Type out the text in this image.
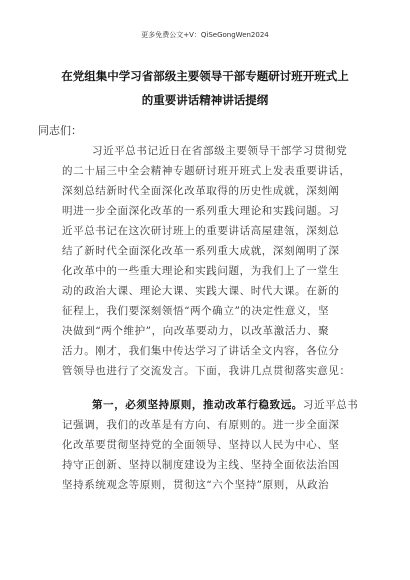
更多免费公文+V：QiSeGongWen2024
在党组集中学习省部级主要领导干部专题研讨班开班式上
的重要讲话精神讲话提纲
同志们：
习近平总书记近日在省部级主要领导干部学习贯彻党
的二十届三中全会精神专题研讨班开班式上发表重要讲话，
深刻总结新时代全面深化改革取得的历史性成就，深刻阐
明进一步全面深化改革的一系列重大理论和实践问题。习
近平总书记在这次研讨班上的重要讲话高屋建瓴，深刻总
结了新时代全面深化改革一系列重大成就，深刻阐明了深
化改革中的一些重大理论和实践问题，为我们上了一堂生
动的政治大课、理论大课、实践大课、时代大课。在新的
征程上，我们要深刻领悟“两个确立”的决定性意义，坚
决做到“两个维护”，向改革要动力，以改革激活力、聚
活力。刚才，我们集中传达学习了讲话全文内容，各位分
管领导也进行了交流发言。下面，我讲几点贯彻落实意见：
第一，必须坚持原则，推动改革行稳致远。习近平总书
记强调，我们的改革是有方向、有原则的。进一步全面深
化改革要贯彻坚持党的全面领导、坚持以人民为中心、坚
持守正创新、坚持以制度建设为主线、坚持全面依法治国
坚持系统观念等原则，贯彻这“六个坚持”原则，从政治
